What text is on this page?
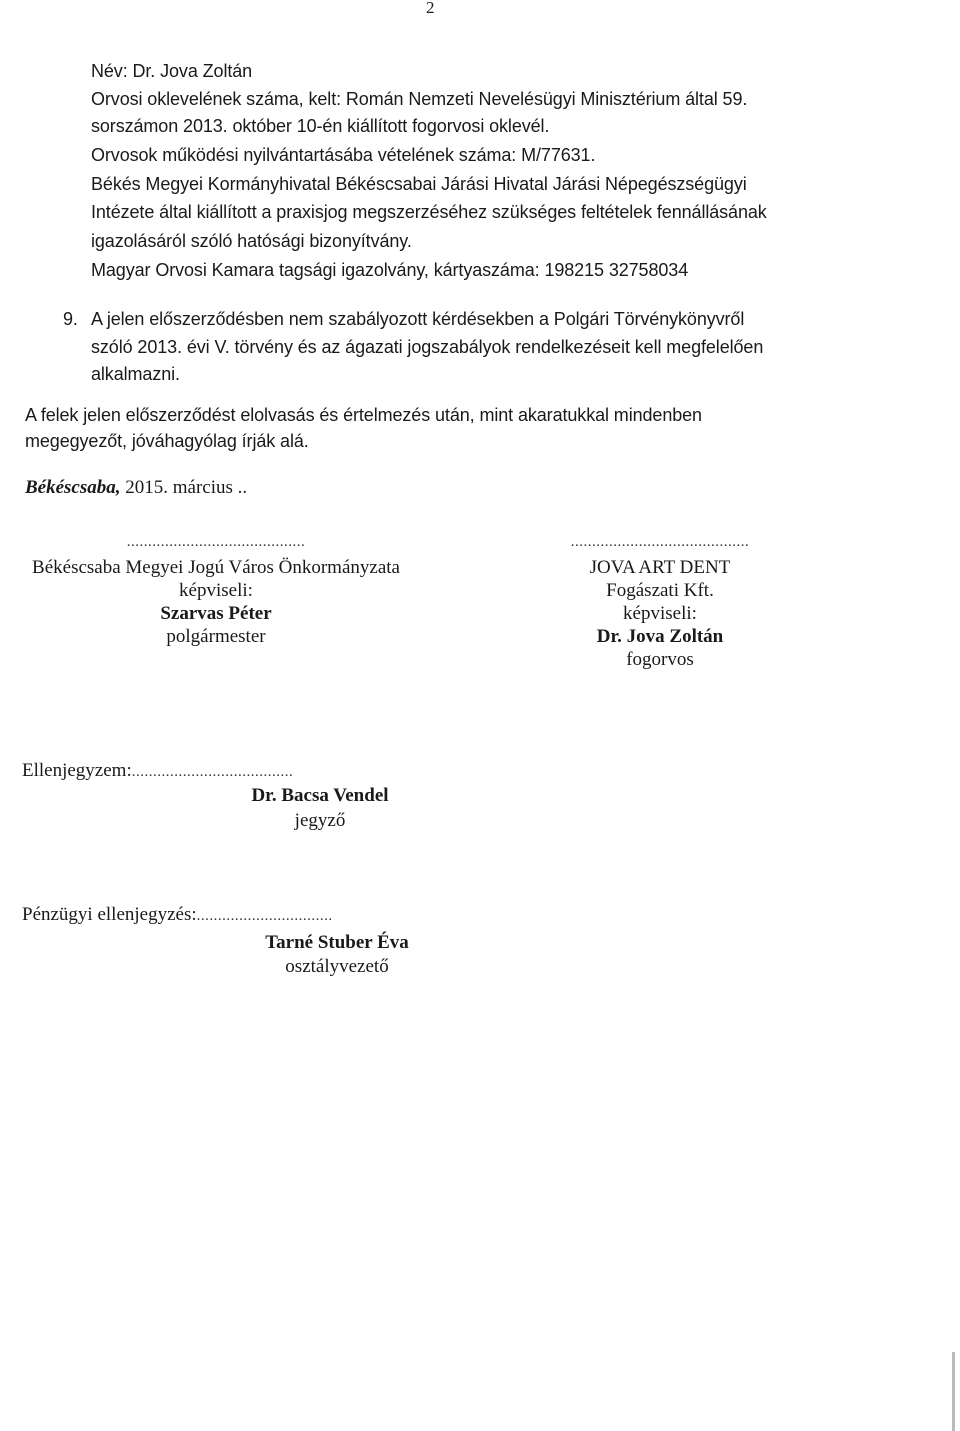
2
Név: Dr. Jova Zoltán
Orvosi oklevelének száma, kelt: Román Nemzeti Nevelésügyi Minisztérium által 59.
sorszámon 2013. október 10-én kiállított fogorvosi oklevél.
Orvosok működési nyilvántartásába vételének száma: M/77631.
Békés Megyei Kormányhivatal Békéscsabai Járási Hivatal Járási Népegészségügyi
Intézete által kiállított a praxisjog megszerzéséhez szükséges feltételek fennállásának
igazolásáról szóló hatósági bizonyítvány.
Magyar Orvosi Kamara tagsági igazolvány, kártyaszáma: 198215 32758034
9. A jelen előszerződésben nem szabályozott kérdésekben a Polgári Törvénykönyvről
szóló 2013. évi V. törvény és az ágazati jogszabályok rendelkezéseit kell megfelelően
alkalmazni.
A felek jelen előszerződést elolvasás és értelmezés után, mint akaratukkal mindenben
megegyezőt, jóváhagyólag írják alá.
Békéscsaba, 2015. március ..
..........................................
Békéscsaba Megyei Jogú Város Önkormányzata
képviseli:
Szarvas Péter
polgármester
..........................................
JOVA ART DENT
Fogászati Kft.
képviseli:
Dr. Jova Zoltán
fogorvos
Ellenjegyzem:......................................
Dr. Bacsa Vendel
jegyző
Pénzügyi ellenjegyzés:................................
Tarné Stuber Éva
osztályvezető
